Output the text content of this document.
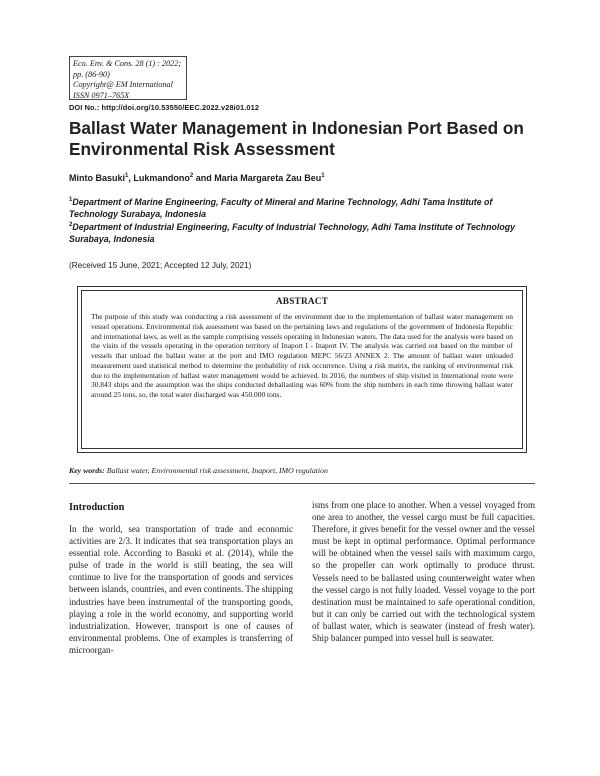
Eco. Env. & Cons. 28 (1) : 2022; pp. (86-90)
Copyright@ EM International
ISSN 0971–765X
DOI No.: http://doi.org/10.53550/EEC.2022.v28i01.012
Ballast Water Management in Indonesian Port Based on Environmental Risk Assessment
Minto Basuki$^1$, Lukmandono$^2$ and Maria Margareta Zau Beu$^1$
$^1$Department of Marine Engineering, Faculty of Mineral and Marine Technology, Adhi Tama Institute of Technology Surabaya, Indonesia
$^2$Department of Industrial Engineering, Faculty of Industrial Technology, Adhi Tama Institute of Technology Surabaya, Indonesia
(Received 15 June, 2021; Accepted 12 July, 2021)
ABSTRACT
The purpose of this study was conducting a risk assessment of the environment due to the implementation of ballast water management on vessel operations. Environmental risk assessment was based on the pertaining laws and regulations of the government of Indonesia Republic and international laws, as well as the sample comprising vessels operating in Indonesian waters. The data used for the analysis were based on the visits of the vessels operating in the operation territory of Inaport I - Inaport IV. The analysis was carried out based on the number of vessels that unload the ballast water at the port and IMO regulation MEPC 56/23 ANNEX 2. The amount of ballast water unloaded measurement used statistical method to determine the probability of risk occurrence. Using a risk matrix, the ranking of environmental risk due to the implementation of ballast water management would be achieved. In 2016, the numbers of ship visited in International route were 30.843 ships and the assumption was the ships conducted deballasting was 60% from the ship numbers in each time throwing ballast water around 25 tons, so, the total water discharged was 450.000 tons.
Key words: Ballast water, Environmental risk assessment, Inaport, IMO regulation
Introduction
In the world, sea transportation of trade and economic activities are 2/3. It indicates that sea transportation plays an essential role. According to Basuki et al. (2014), while the pulse of trade in the world is still beating, the sea will continue to live for the transportation of goods and services between islands, countries, and even continents. The shipping industries have been instrumental of the transporting goods, playing a role in the world economy, and supporting world industrialization. However, transport is one of causes of environmental problems. One of examples is transferring of microorgan-
isms from one place to another. When a vessel voyaged from one area to another, the vessel cargo must be full capacities. Therefore, it gives benefit for the vessel owner and the vessel must be kept in optimal performance. Optimal performance will be obtained when the vessel sails with maximum cargo, so the propeller can work optimally to produce thrust. Vessels need to be ballasted using counterweight water when the vessel cargo is not fully loaded. Vessel voyage to the port destination must be maintained to safe operational condition, but it can only be carried out with the technological system of ballast water, which is seawater (instead of fresh water). Ship balancer pumped into vessel hull is seawater.
